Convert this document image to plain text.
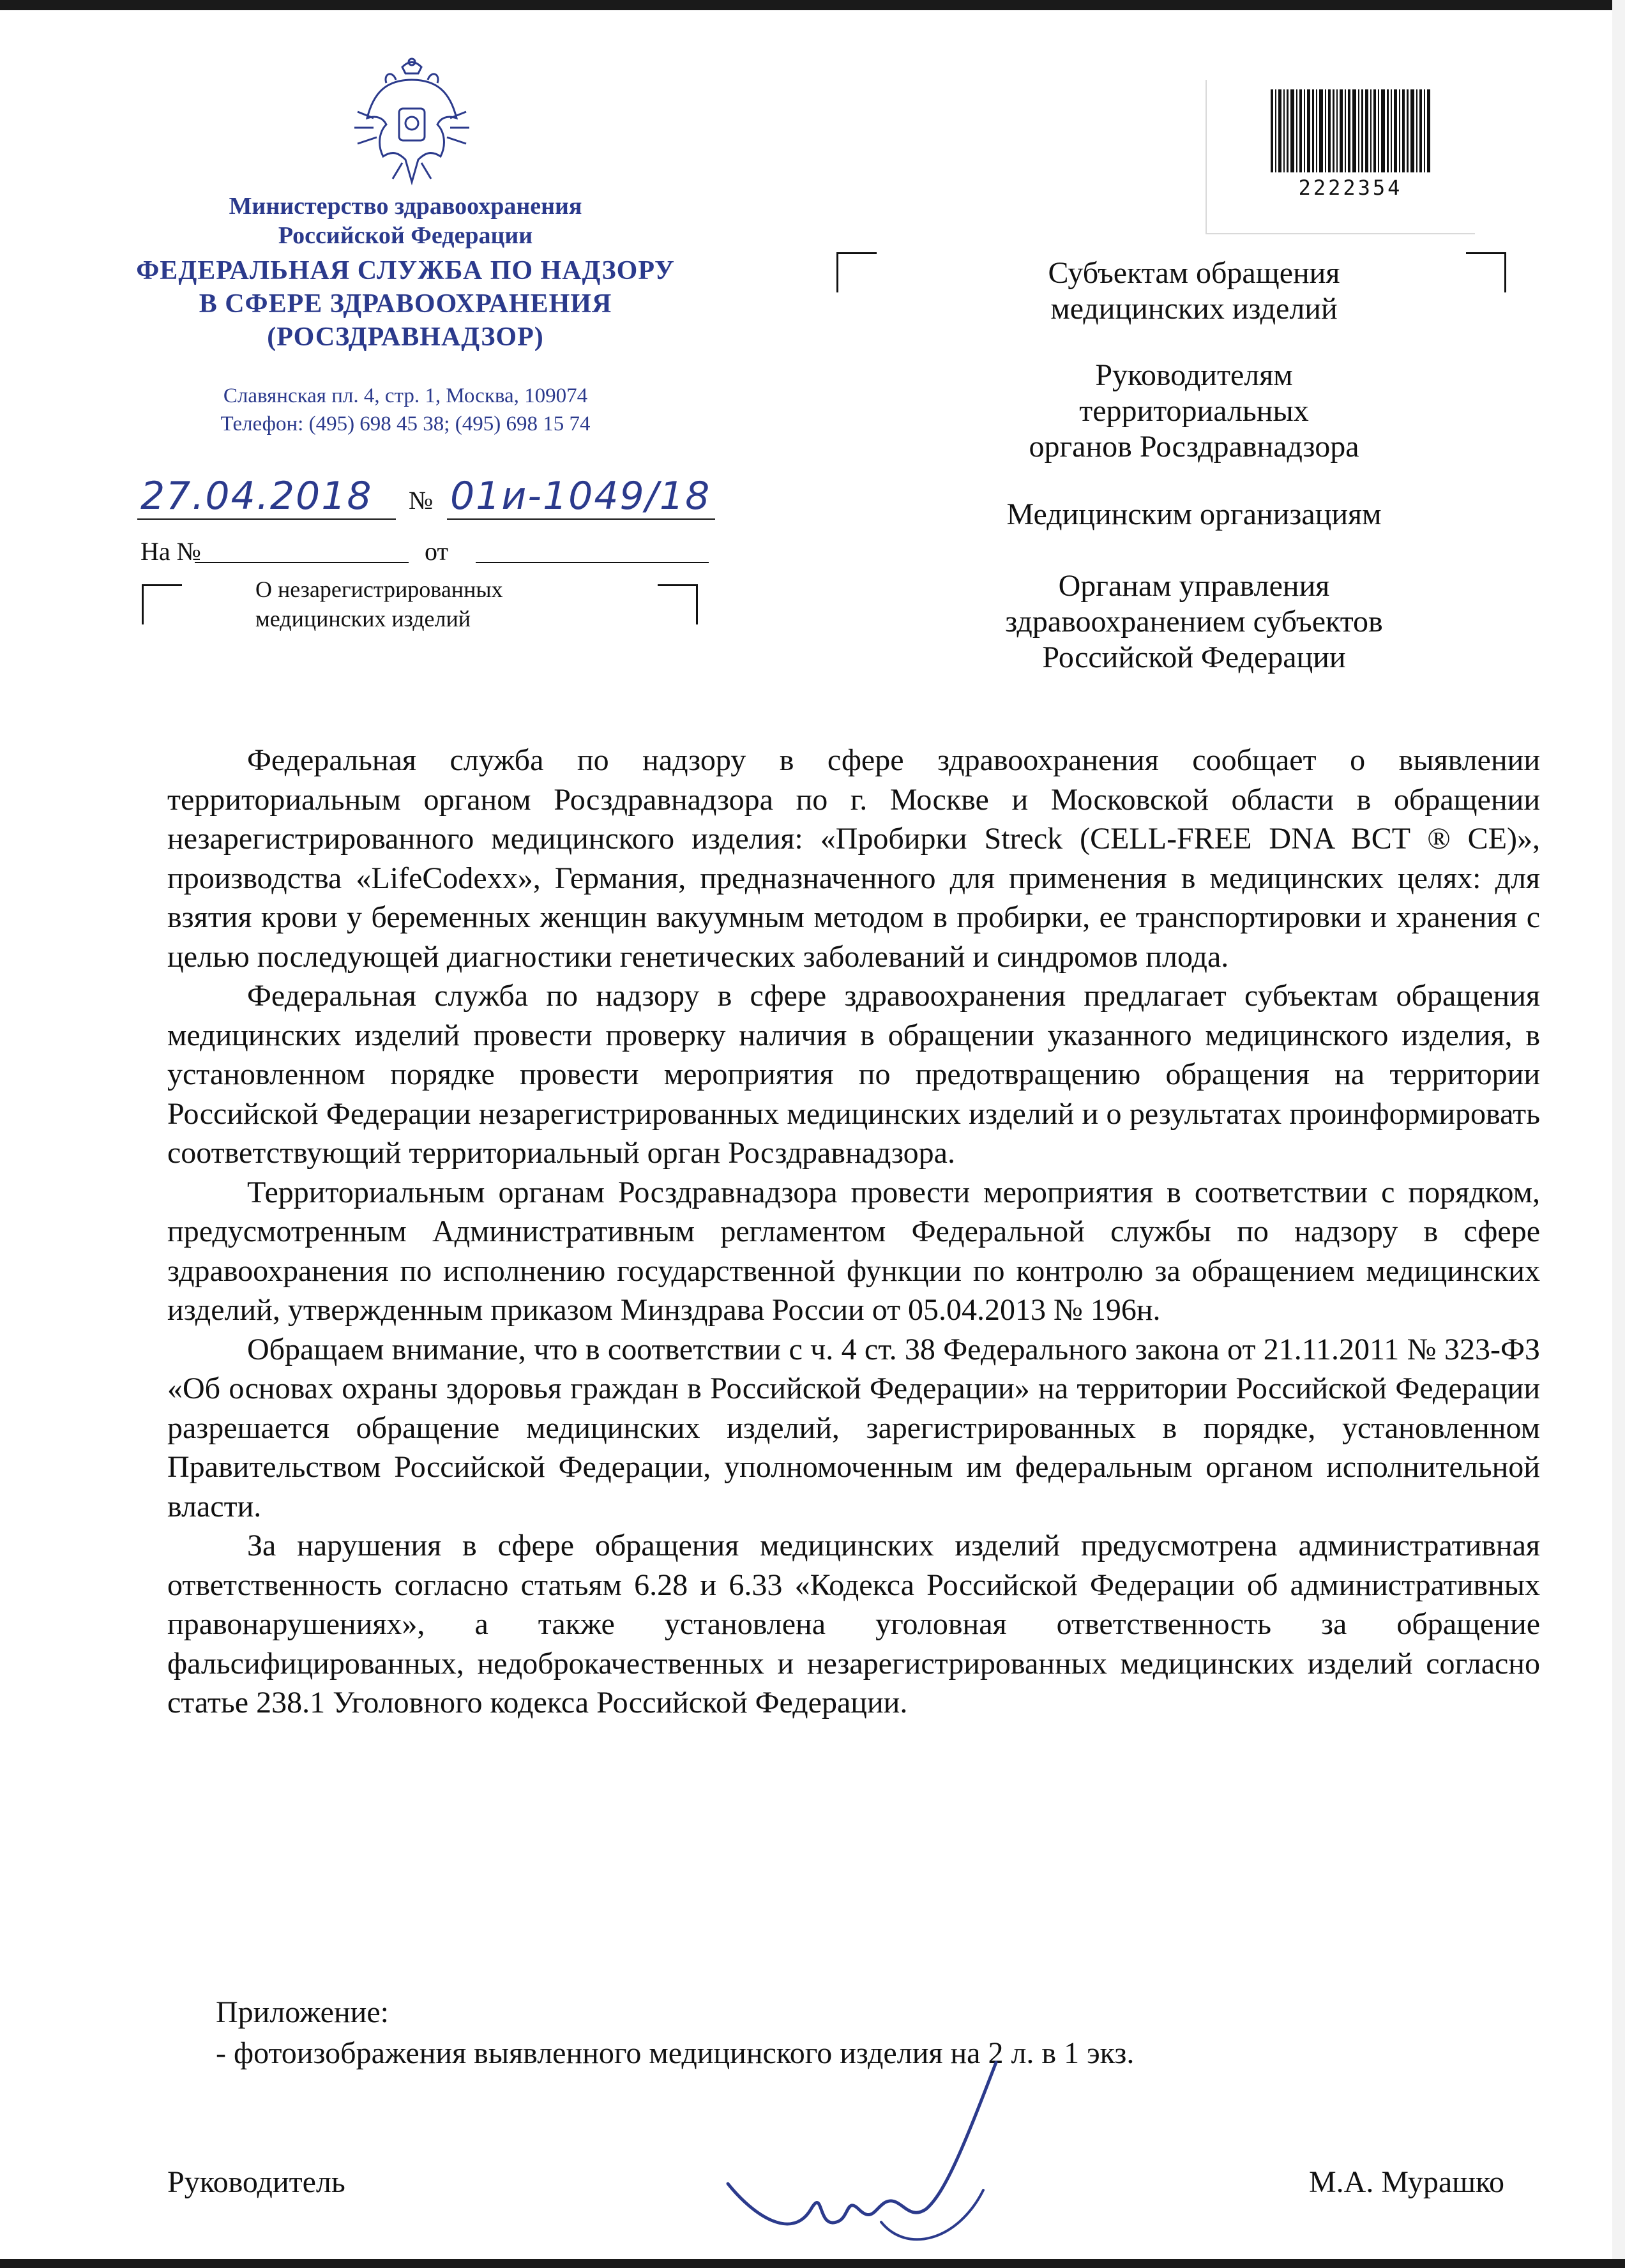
Министерство здравоохранения
Российской Федерации
ФЕДЕРАЛЬНАЯ СЛУЖБА ПО НАДЗОРУ
В СФЕРЕ ЗДРАВООХРАНЕНИЯ
(РОСЗДРАВНАДЗОР)
Славянская пл. 4, стр. 1, Москва, 109074
Телефон: (495) 698 45 38; (495) 698 15 74
2222354
Субъектам обращения
медицинских изделий
Руководителям
территориальных
органов Росздравнадзора
Медицинским организациям
Органам управления
здравоохранением субъектов
Российской Федерации
27.04.2018 № 01и-1049/18
На №	от
О незарегистрированных
медицинских изделий

Федеральная служба по надзору в сфере здравоохранения сообщает о выявлении территориальным органом Росздравнадзора по г. Москве и Московской области в обращении незарегистрированного медицинского изделия: «Пробирки Streck (CELL-FREE DNA BCT ® CE)», производства «LifeCodexx», Германия, предназначенного для применения в медицинских целях: для взятия крови у беременных женщин вакуумным методом в пробирки, ее транспортировки и хранения с целью последующей диагностики генетических заболеваний и синдромов плода.

Федеральная служба по надзору в сфере здравоохранения предлагает субъектам обращения медицинских изделий провести проверку наличия в обращении указанного медицинского изделия, в установленном порядке провести мероприятия по предотвращению обращения на территории Российской Федерации незарегистрированных медицинских изделий и о результатах проинформировать соответствующий территориальный орган Росздравнадзора.

Территориальным органам Росздравнадзора провести мероприятия в соответствии с порядком, предусмотренным Административным регламентом Федеральной службы по надзору в сфере здравоохранения по исполнению государственной функции по контролю за обращением медицинских изделий, утвержденным приказом Минздрава России от 05.04.2013 № 196н.

Обращаем внимание, что в соответствии с ч. 4 ст. 38 Федерального закона от 21.11.2011 № 323-ФЗ «Об основах охраны здоровья граждан в Российской Федерации» на территории Российской Федерации разрешается обращение медицинских изделий, зарегистрированных в порядке, установленном Правительством Российской Федерации, уполномоченным им федеральным органом исполнительной власти.

За нарушения в сфере обращения медицинских изделий предусмотрена административная ответственность согласно статьям 6.28 и 6.33 «Кодекса Российской Федерации об административных правонарушениях», а также установлена уголовная ответственность за обращение фальсифицированных, недоброкачественных и незарегистрированных медицинских изделий согласно статье 238.1 Уголовного кодекса Российской Федерации.

Приложение:
- фотоизображения выявленного медицинского изделия на 2 л. в 1 экз.
Руководитель	М.А. Мурашко
